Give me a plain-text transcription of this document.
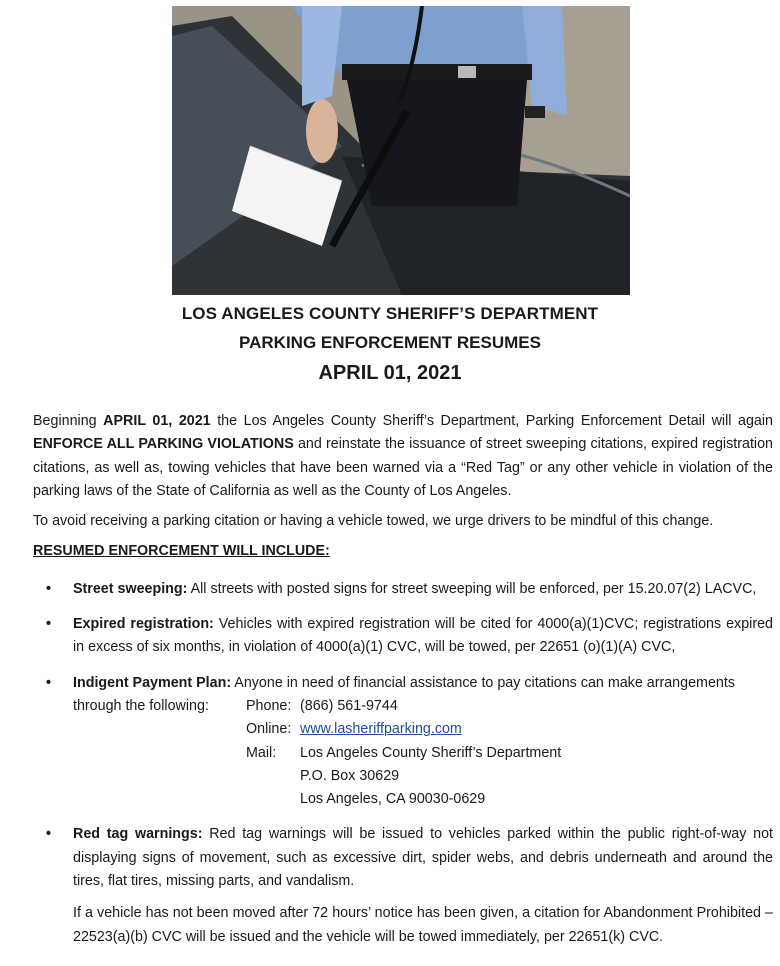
LOS ANGELES COUNTY SHERIFF’S DEPARTMENT
PARKING ENFORCEMENT RESUMES
APRIL 01, 2021

Beginning APRIL 01, 2021 the Los Angeles County Sheriff’s Department, Parking Enforcement Detail will again ENFORCE ALL PARKING VIOLATIONS and reinstate the issuance of street sweeping citations, expired registration citations, as well as, towing vehicles that have been warned via a “Red Tag” or any other vehicle in violation of the parking laws of the State of California as well as the County of Los Angeles.

To avoid receiving a parking citation or having a vehicle towed, we urge drivers to be mindful of this change.

RESUMED ENFORCEMENT WILL INCLUDE:

• Street sweeping: All streets with posted signs for street sweeping will be enforced, per 15.20.07(2) LACVC,
• Expired registration: Vehicles with expired registration will be cited for 4000(a)(1)CVC; registrations expired in excess of six months, in violation of 4000(a)(1) CVC, will be towed, per 22651 (o)(1)(A) CVC,
• Indigent Payment Plan: Anyone in need of financial assistance to pay citations can make arrangements
through the following:	Phone: (866) 561-9744
Online: www.lasheriffparking.com
Mail:	Los Angeles County Sheriff’s Department
P.O. Box 30629
Los Angeles, CA 90030-0629
• Red tag warnings: Red tag warnings will be issued to vehicles parked within the public right-of-way not displaying signs of movement, such as excessive dirt, spider webs, and debris underneath and around the tires, flat tires, missing parts, and vandalism.
If a vehicle has not been moved after 72 hours’ notice has been given, a citation for Abandonment Prohibited – 22523(a)(b) CVC will be issued and the vehicle will be towed immediately, per 22651(k) CVC.
